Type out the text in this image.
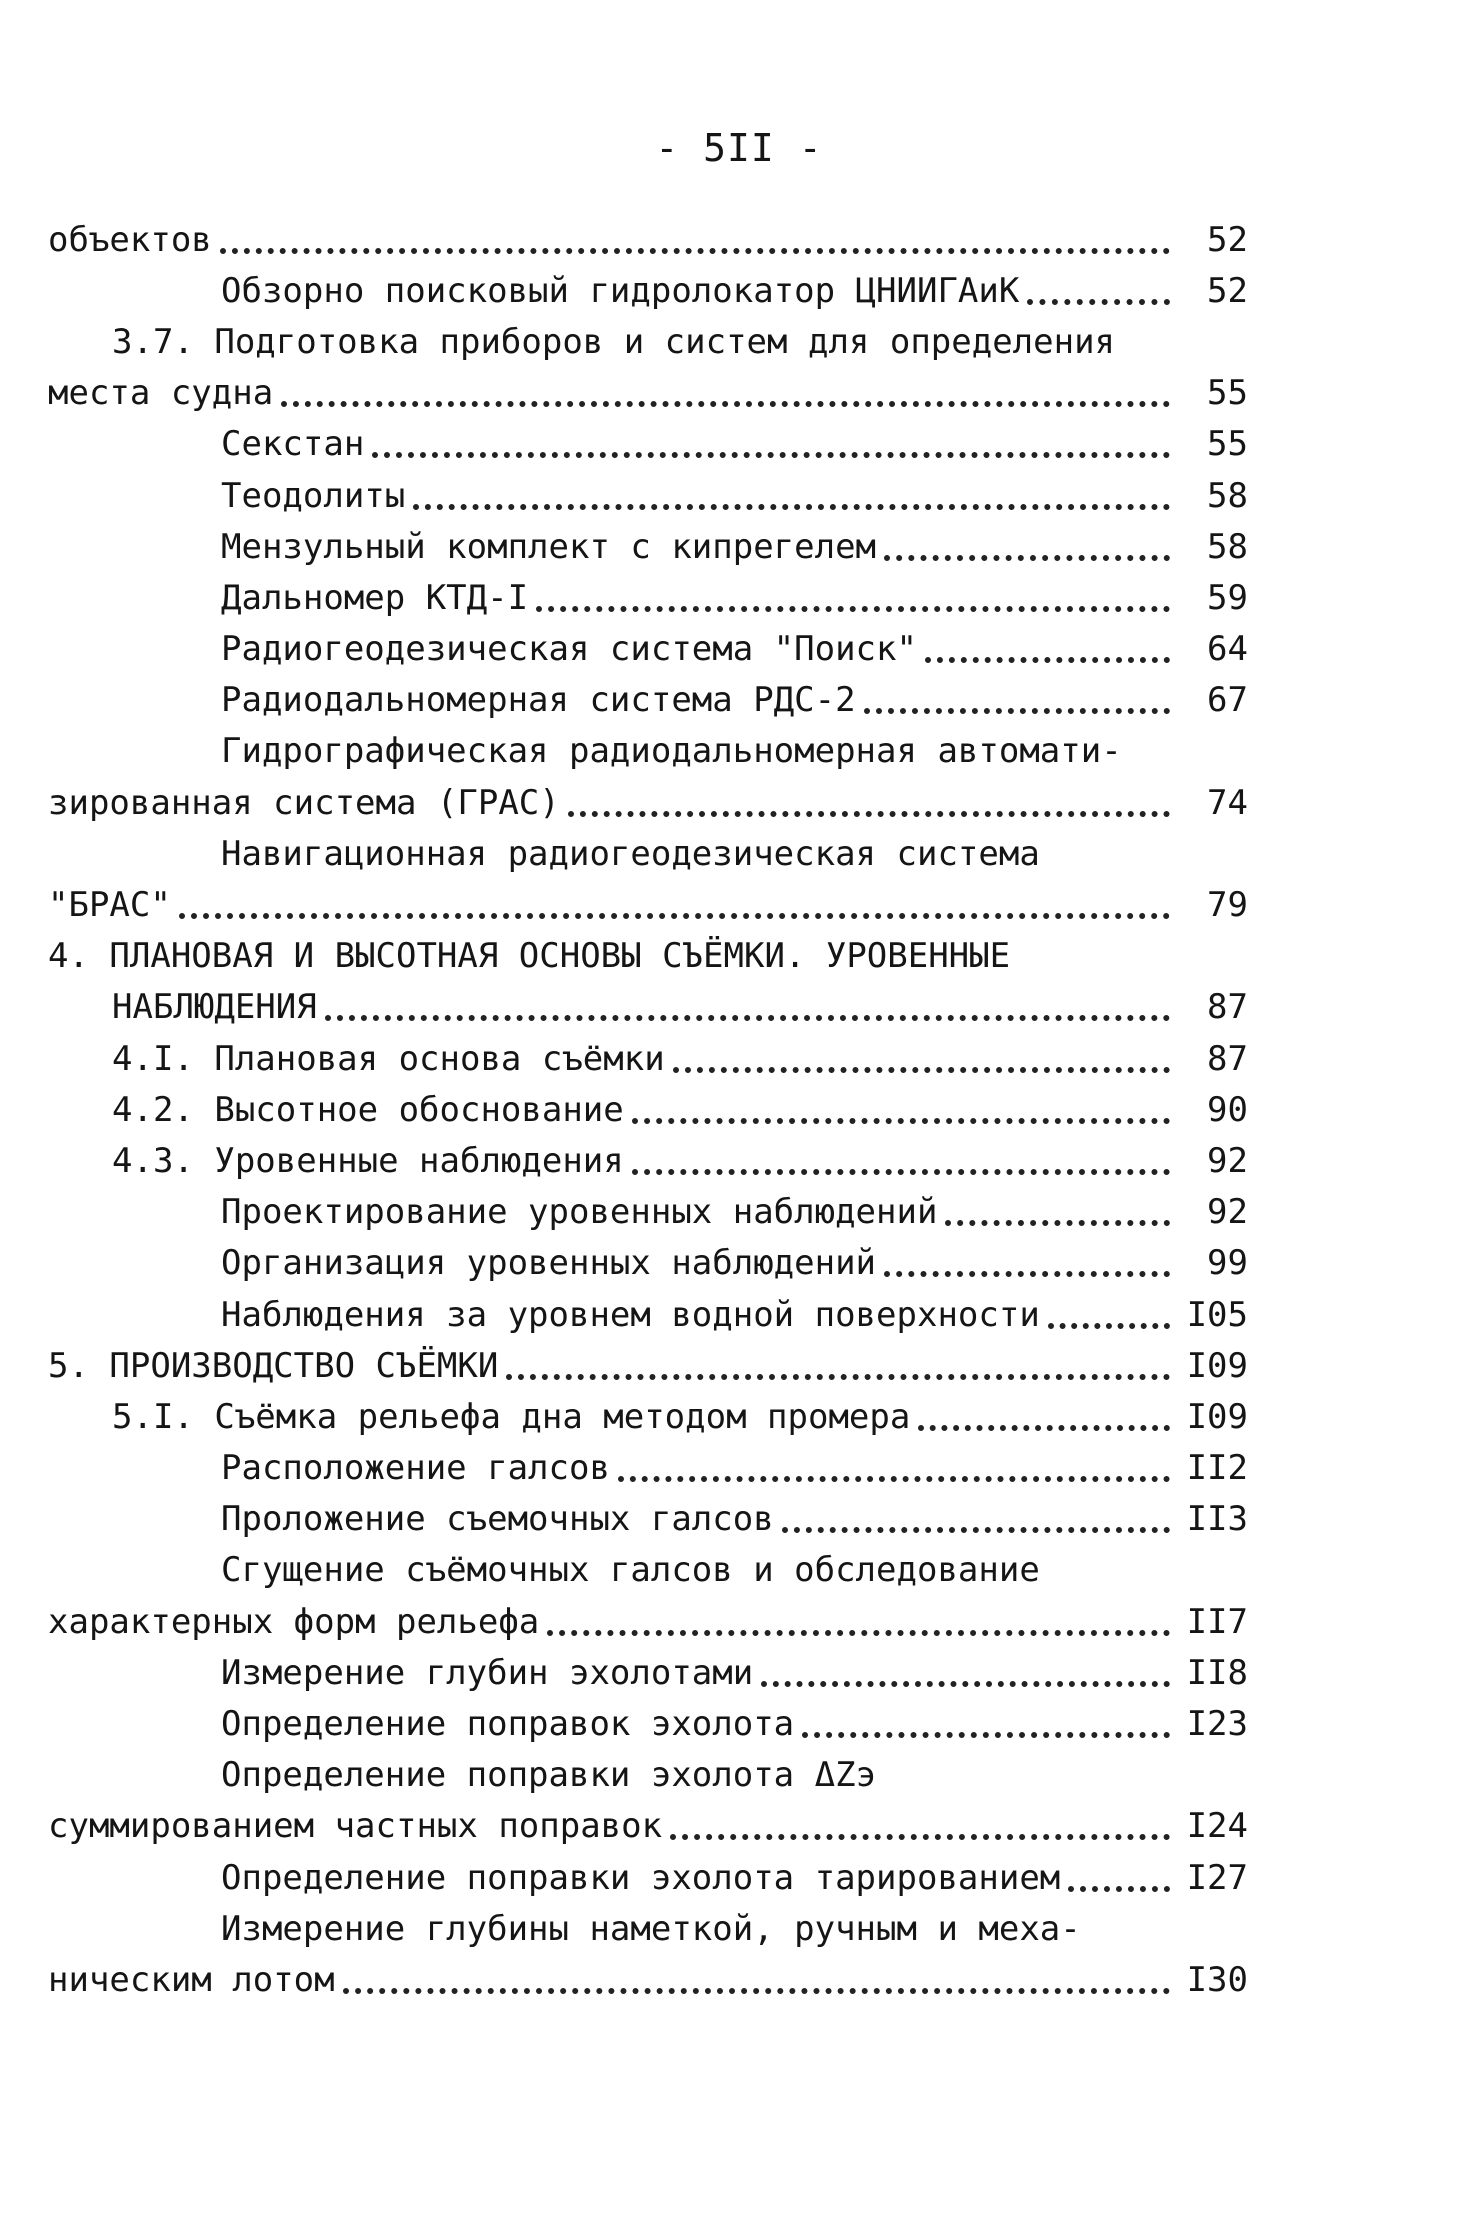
- 5II -
объектов	52
Обзорно поисковый гидролокатор ЦНИИГАиК	52
3.7. Подготовка приборов и систем для определения
места судна	55
Секстан	55
Теодолиты	58
Мензульный комплект с кипрегелем	58
Дальномер КТД-I	59
Радиогеодезическая система "Поиск"	64
Радиодальномерная система РДС-2	67
Гидрографическая радиодальномерная автомати-
зированная система (ГРАС)	74
Навигационная радиогеодезическая система
"БРАС"	79
4. ПЛАНОВАЯ И ВЫСОТНАЯ ОСНОВЫ СЪЁМКИ. УРОВЕННЫЕ
НАБЛЮДЕНИЯ	87
4.I. Плановая основа съёмки	87
4.2. Высотное обоснование	90
4.3. Уровенные наблюдения	92
Проектирование уровенных наблюдений	92
Организация уровенных наблюдений	99
Наблюдения за уровнем водной поверхности	I05
5. ПРОИЗВОДСТВО СЪЁМКИ	I09
5.I. Съёмка рельефа дна методом промера	I09
Расположение галсов	II2
Проложение съемочных галсов	II3
Сгущение съёмочных галсов и обследование
характерных форм рельефа	II7
Измерение глубин эхолотами	II8
Определение поправок эхолота	I23
Определение поправки эхолота ΔZэ
суммированием частных поправок	I24
Определение поправки эхолота тарированием	I27
Измерение глубины наметкой, ручным и меха-
ническим лотом	I30
